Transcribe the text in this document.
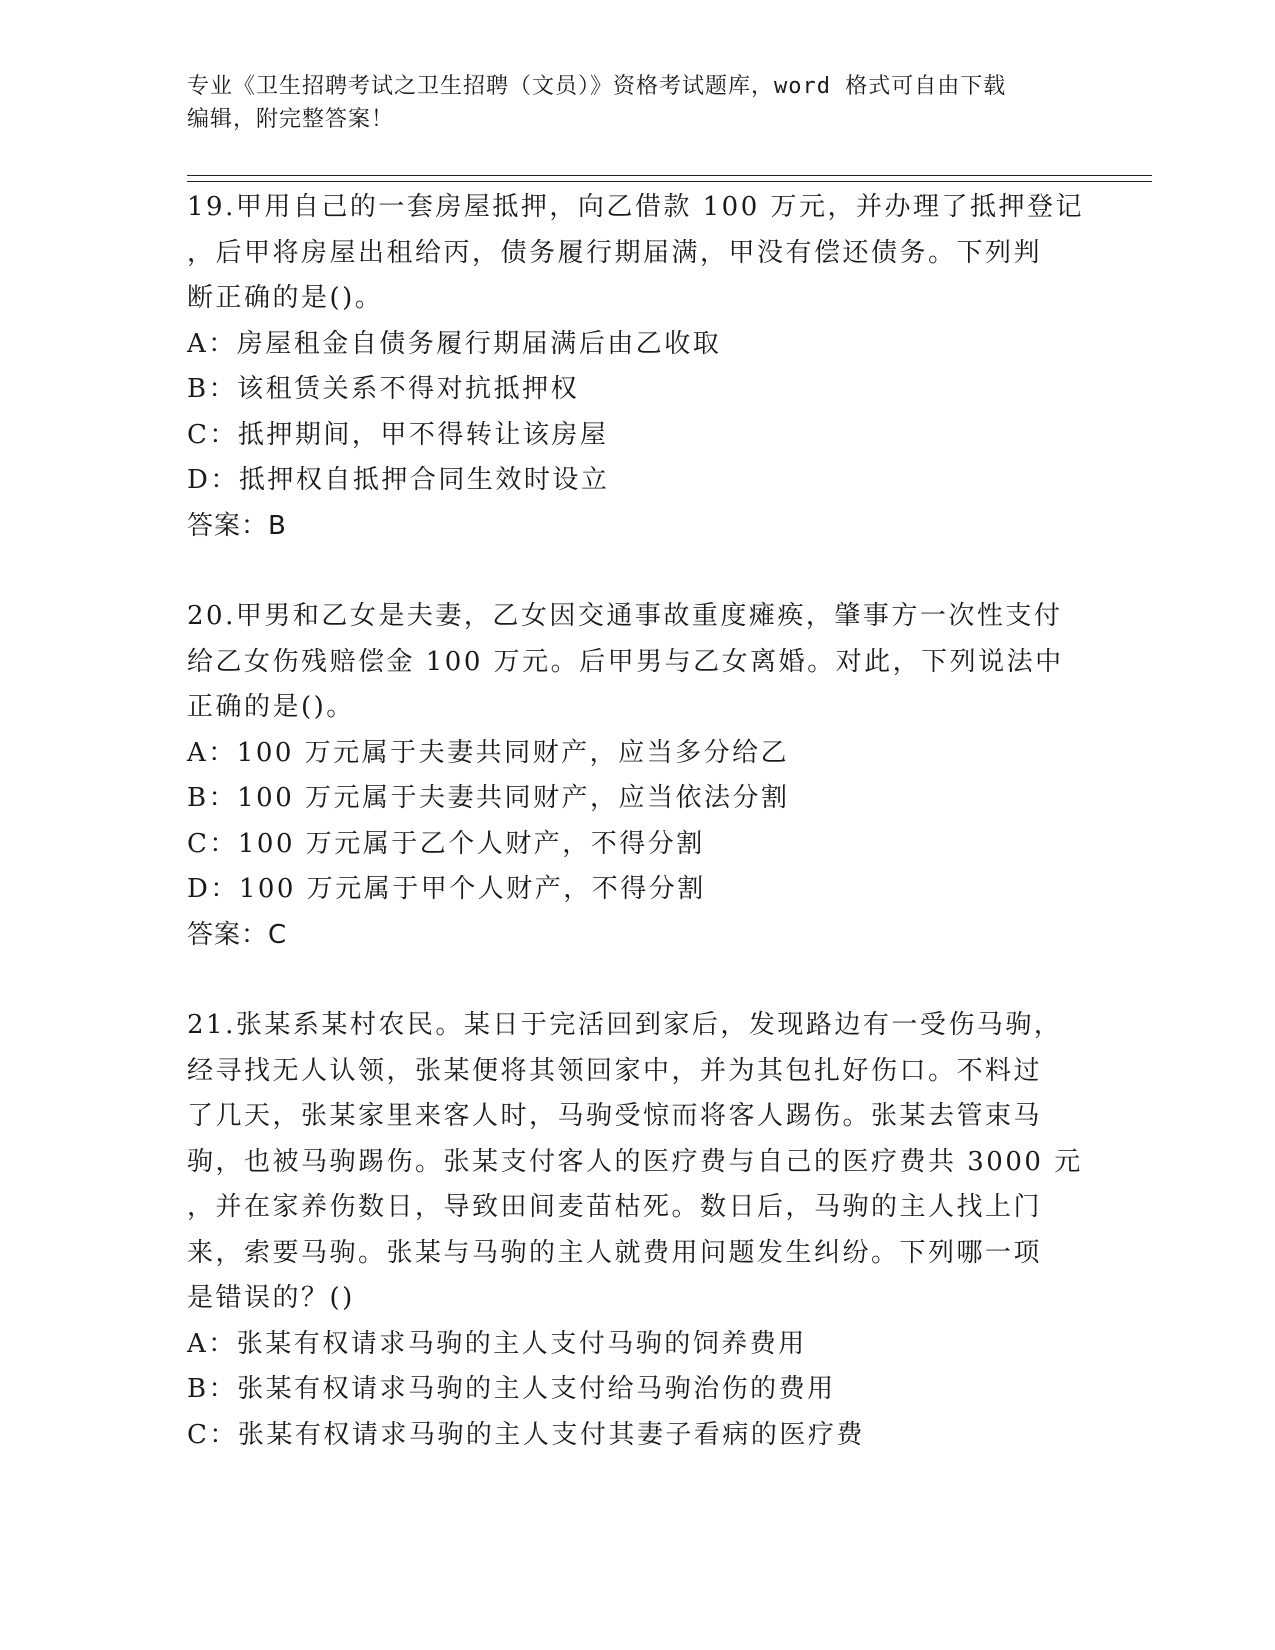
专业《卫生招聘考试之卫生招聘（文员）》资格考试题库，word 格式可自由下载
编辑，附完整答案！
19.甲用自己的一套房屋抵押，向乙借款 100 万元，并办理了抵押登记
，后甲将房屋出租给丙，债务履行期届满，甲没有偿还债务。下列判
断正确的是()。
A：房屋租金自债务履行期届满后由乙收取
B：该租赁关系不得对抗抵押权
C：抵押期间，甲不得转让该房屋
D：抵押权自抵押合同生效时设立
答案：B
20.甲男和乙女是夫妻，乙女因交通事故重度瘫痪，肇事方一次性支付
给乙女伤残赔偿金 100 万元。后甲男与乙女离婚。对此，下列说法中
正确的是()。
A：100 万元属于夫妻共同财产，应当多分给乙
B：100 万元属于夫妻共同财产，应当依法分割
C：100 万元属于乙个人财产，不得分割
D：100 万元属于甲个人财产，不得分割
答案：C
21.张某系某村农民。某日于完活回到家后，发现路边有一受伤马驹，
经寻找无人认领，张某便将其领回家中，并为其包扎好伤口。不料过
了几天，张某家里来客人时，马驹受惊而将客人踢伤。张某去管束马
驹，也被马驹踢伤。张某支付客人的医疗费与自己的医疗费共 3000 元
，并在家养伤数日，导致田间麦苗枯死。数日后，马驹的主人找上门
来，索要马驹。张某与马驹的主人就费用问题发生纠纷。下列哪一项
是错误的？()
A：张某有权请求马驹的主人支付马驹的饲养费用
B：张某有权请求马驹的主人支付给马驹治伤的费用
C：张某有权请求马驹的主人支付其妻子看病的医疗费
